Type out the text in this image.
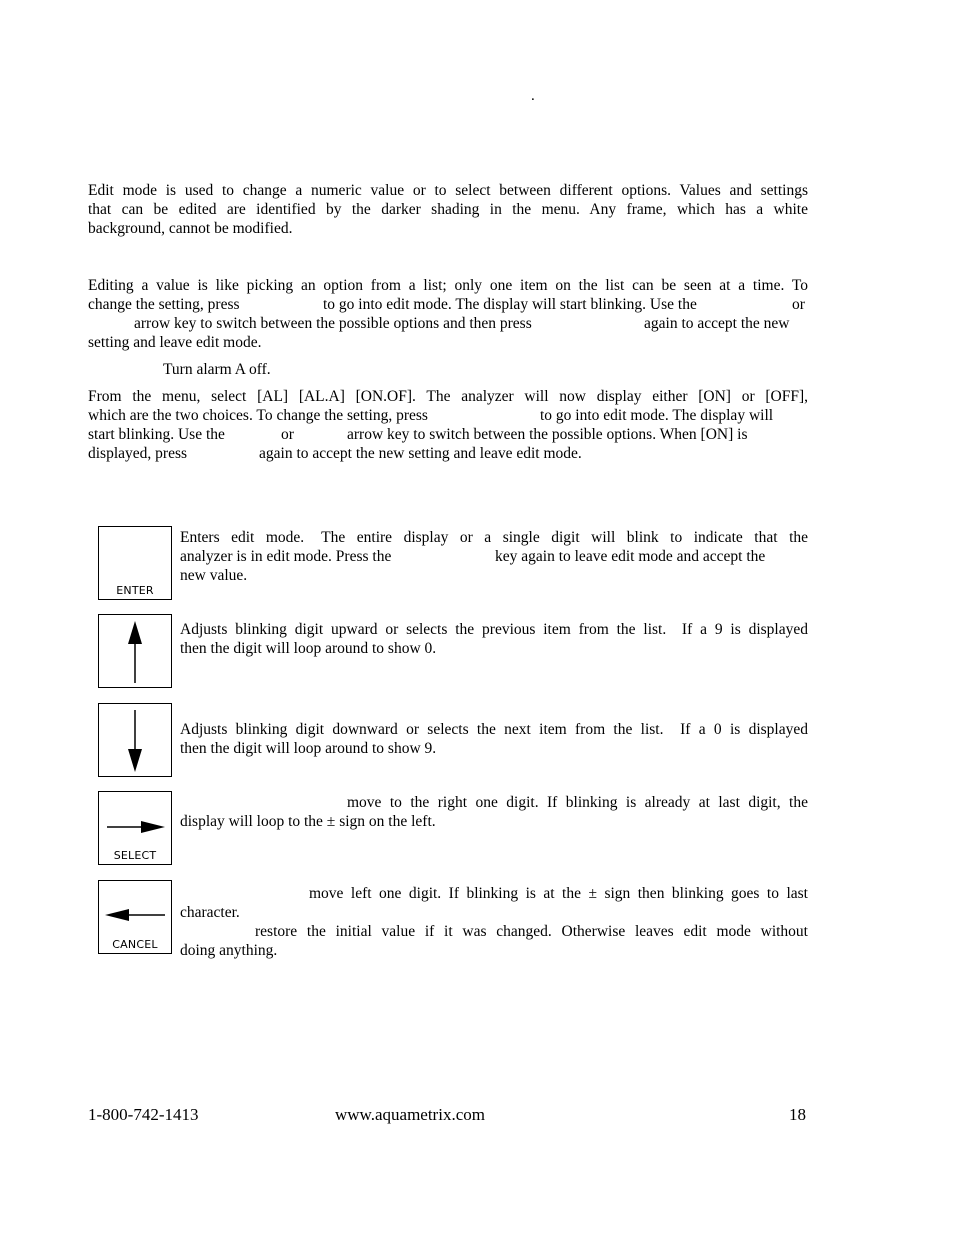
.
Edit mode is used to change a numeric value or to select between different options. Values and settings
that can be edited are identified by the darker shading in the menu. Any frame, which has a white
background, cannot be modified.
Editing a value is like picking an option from a list; only one item on the list can be seen at a time. To
change the setting, press	to go into edit mode. The display will start blinking. Use the	or
arrow key to switch between the possible options and then press	again to accept the new
setting and leave edit mode.
Turn alarm A off.
From the menu, select [AL] [AL.A] [ON.OF]. The analyzer will now display either [ON] or [OFF],
which are the two choices. To change the setting, press	to go into edit mode. The display will
start blinking. Use the	or	arrow key to switch between the possible options. When [ON] is
displayed, press	again to accept the new setting and leave edit mode.
ENTER
Enters  edit  mode.   The  entire  display  or  a  single  digit  will  blink  to  indicate  that  the
analyzer is in edit mode. Press the	key again to leave edit mode and accept the
new value.
Adjusts blinking digit upward or selects the previous item from the list.  If a 9 is displayed
then the digit will loop around to show 0.
Adjusts blinking digit downward or selects the next item from the list.  If a 0 is displayed
then the digit will loop around to show 9.
SELECT
move to the right one digit. If blinking is already at last digit, the
display will loop to the ± sign on the left.
CANCEL
move left one digit. If blinking is at the ± sign then blinking goes to last
character.
restore the initial value if it was changed. Otherwise leaves edit mode without
doing anything.
1-800-742-1413	www.aquametrix.com	18
